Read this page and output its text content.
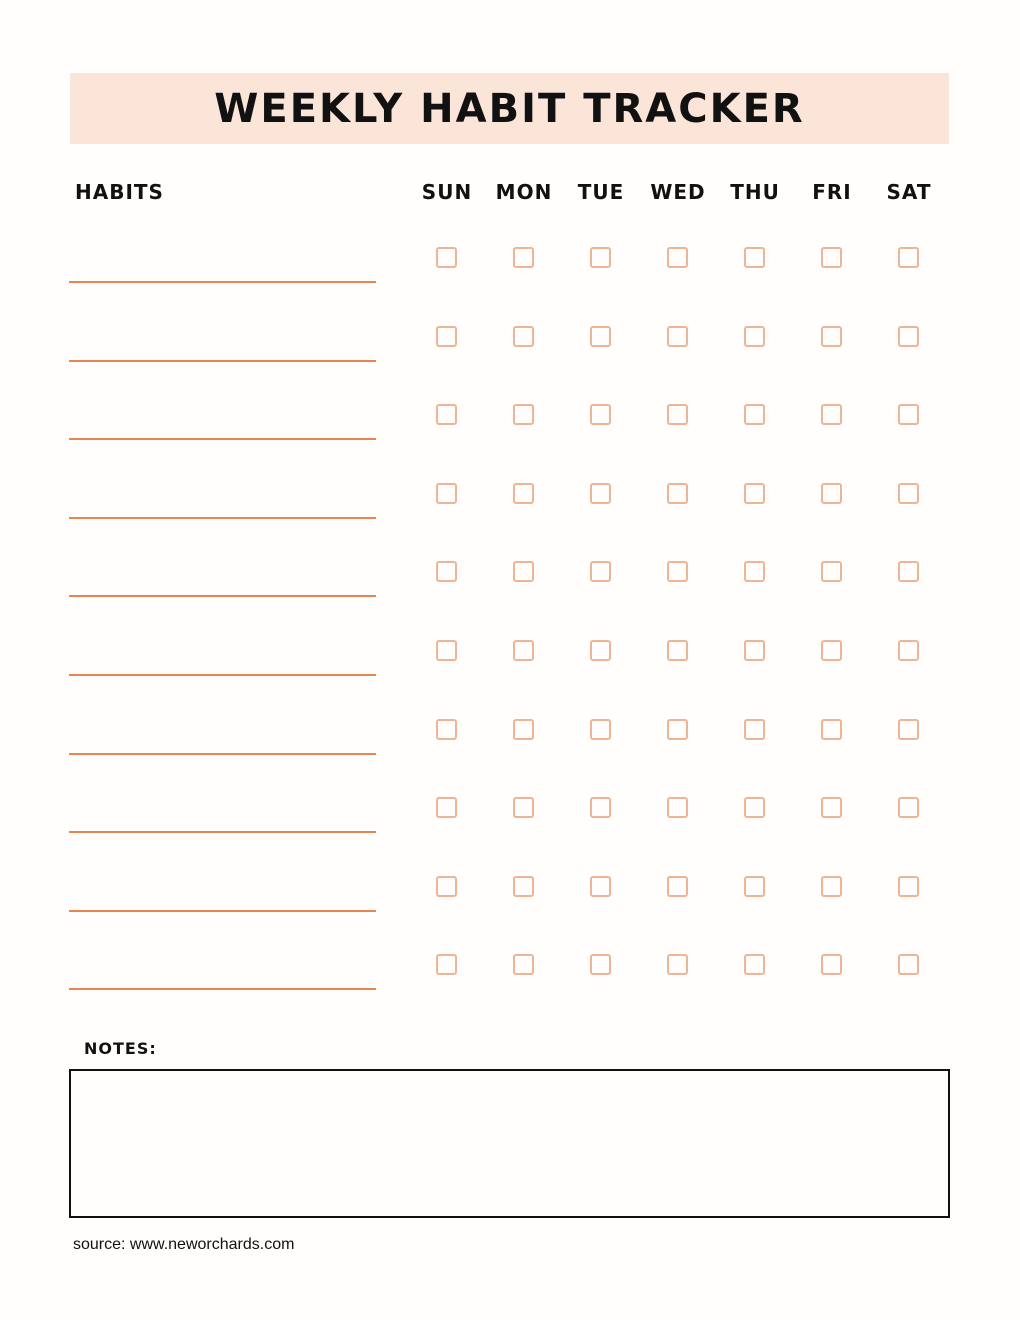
WEEKLY HABIT TRACKER
HABITS	SUN	MON	TUE	WED	THU	FRI	SAT
NOTES:
source: www.neworchards.com
